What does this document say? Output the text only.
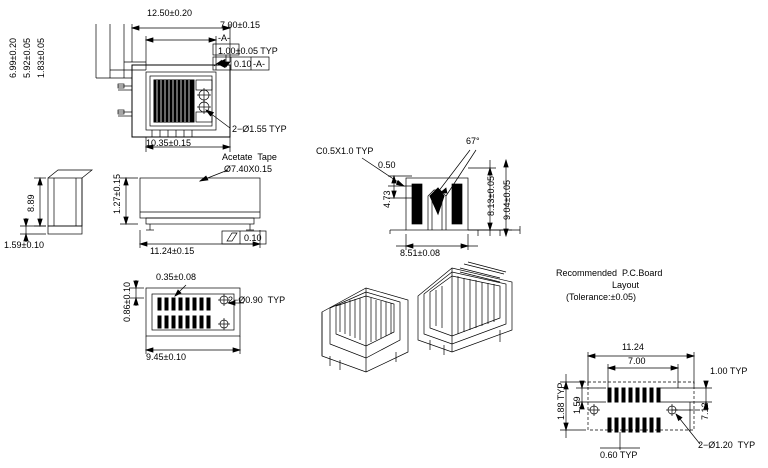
12.50±0.20
7.00±0.15
-A-
1.00±0.05 TYP
0.10 -A-
6.99±0.20 5.92±0.05 1.83±0.05
10.35±0.15
2−Ø1.55 TYP
8.89
1.59±0.10
Acetate  Tape
Ø7.40X0.15
1.27±0.15
11.24±0.15
0.10
0.35±0.08
0.86±0.10	2−Ø0.90  TYP
9.45±0.10
C0.5X1.0 TYP
67°
0.50
4.73	8.13±0.05 9.04±0.05
8.51±0.08
Recommended  P.C.Board
Layout
(Tolerance:±0.05)
11.24
7.00
1.00 TYP
7.12
1.88 TYP 1.59
0.60 TYP
2−Ø1.20  TYP
